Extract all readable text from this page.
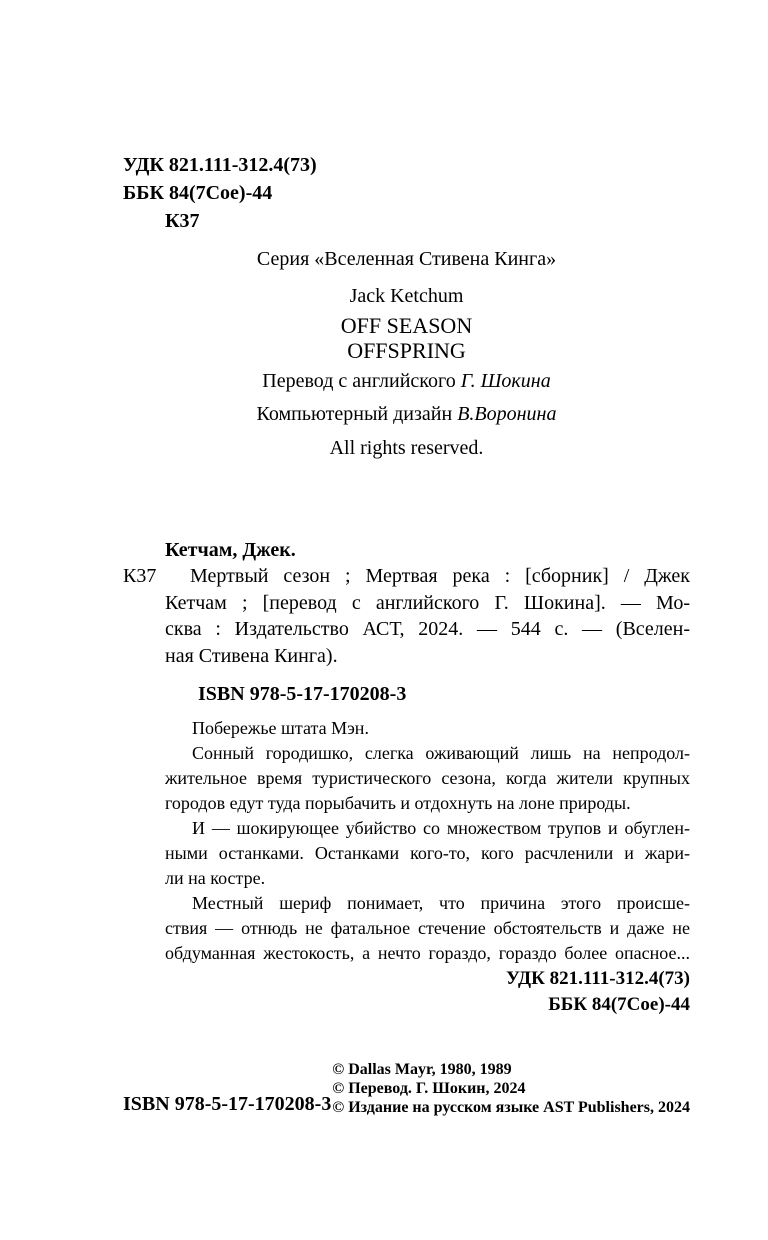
УДК 821.111-312.4(73)
ББК 84(7Сое)-44
К37
Серия «Вселенная Стивена Кинга»
Jack Ketchum
OFF SEASON
OFFSPRING
Перевод с английского Г. Шокина
Компьютерный дизайн В.Воронина
All rights reserved.
Кетчам, Джек.
К37 Мертвый сезон ; Мертвая река : [сборник] / Джек
Кетчам ; [перевод с английского Г. Шокина]. — Мо-
сква : Издательство АСТ, 2024. — 544 с. — (Вселен-
ная Стивена Кинга).
ISBN 978-5-17-170208-3
Побережье штата Мэн.
Сонный городишко, слегка оживающий лишь на непродол-
жительное время туристического сезона, когда жители крупных
городов едут туда порыбачить и отдохнуть на лоне природы.
И — шокирующее убийство со множеством трупов и обуглен-
ными останками. Останками кого-то, кого расчленили и жари-
ли на костре.
Местный шериф понимает, что причина этого происше-
ствия — отнюдь не фатальное стечение обстоятельств и даже не
обдуманная жестокость, а нечто гораздо, гораздо более опасное...
УДК 821.111-312.4(73)
ББК 84(7Сое)-44
ISBN 978-5-17-170208-3
© Dallas Mayr, 1980, 1989
© Перевод. Г. Шокин, 2024
© Издание на русском языке AST Publishers, 2024
